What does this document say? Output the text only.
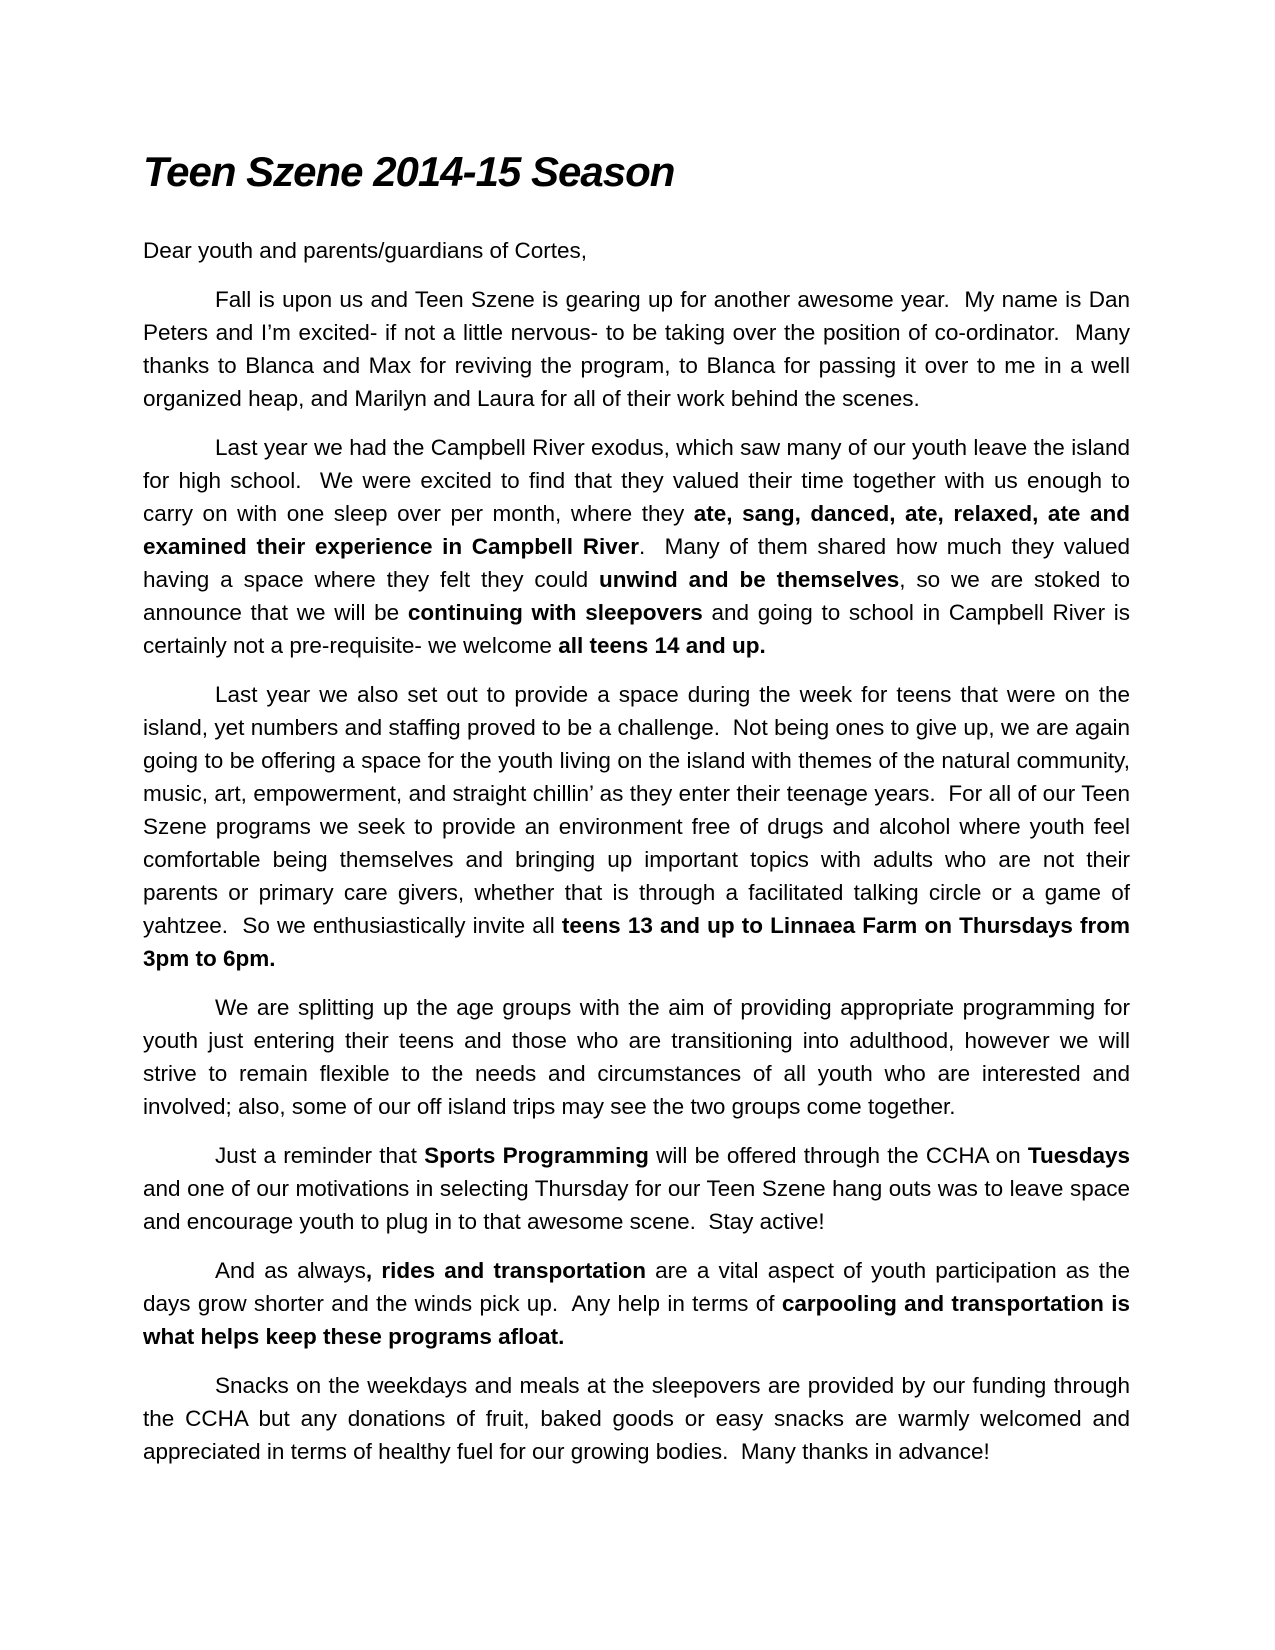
Teen Szene 2014-15 Season
Dear youth and parents/guardians of Cortes,

Fall is upon us and Teen Szene is gearing up for another awesome year.  My name is Dan Peters and I’m excited- if not a little nervous- to be taking over the position of co-ordinator.  Many thanks to Blanca and Max for reviving the program, to Blanca for passing it over to me in a well organized heap, and Marilyn and Laura for all of their work behind the scenes.

Last year we had the Campbell River exodus, which saw many of our youth leave the island for high school.  We were excited to find that they valued their time together with us enough to carry on with one sleep over per month, where they ate, sang, danced, ate, relaxed, ate and examined their experience in Campbell River.  Many of them shared how much they valued having a space where they felt they could unwind and be themselves, so we are stoked to announce that we will be continuing with sleepovers and going to school in Campbell River is certainly not a pre-requisite- we welcome all teens 14 and up.

Last year we also set out to provide a space during the week for teens that were on the island, yet numbers and staffing proved to be a challenge.  Not being ones to give up, we are again going to be offering a space for the youth living on the island with themes of the natural community, music, art, empowerment, and straight chillin’ as they enter their teenage years.  For all of our Teen Szene programs we seek to provide an environment free of drugs and alcohol where youth feel comfortable being themselves and bringing up important topics with adults who are not their parents or primary care givers, whether that is through a facilitated talking circle or a game of yahtzee.  So we enthusiastically invite all teens 13 and up to Linnaea Farm on Thursdays from 3pm to 6pm.

We are splitting up the age groups with the aim of providing appropriate programming for youth just entering their teens and those who are transitioning into adulthood, however we will strive to remain flexible to the needs and circumstances of all youth who are interested and involved; also, some of our off island trips may see the two groups come together.

Just a reminder that Sports Programming will be offered through the CCHA on Tuesdays and one of our motivations in selecting Thursday for our Teen Szene hang outs was to leave space and encourage youth to plug in to that awesome scene.  Stay active!

And as always, rides and transportation are a vital aspect of youth participation as the days grow shorter and the winds pick up.  Any help in terms of carpooling and transportation is what helps keep these programs afloat.

Snacks on the weekdays and meals at the sleepovers are provided by our funding through the CCHA but any donations of fruit, baked goods or easy snacks are warmly welcomed and appreciated in terms of healthy fuel for our growing bodies.  Many thanks in advance!
